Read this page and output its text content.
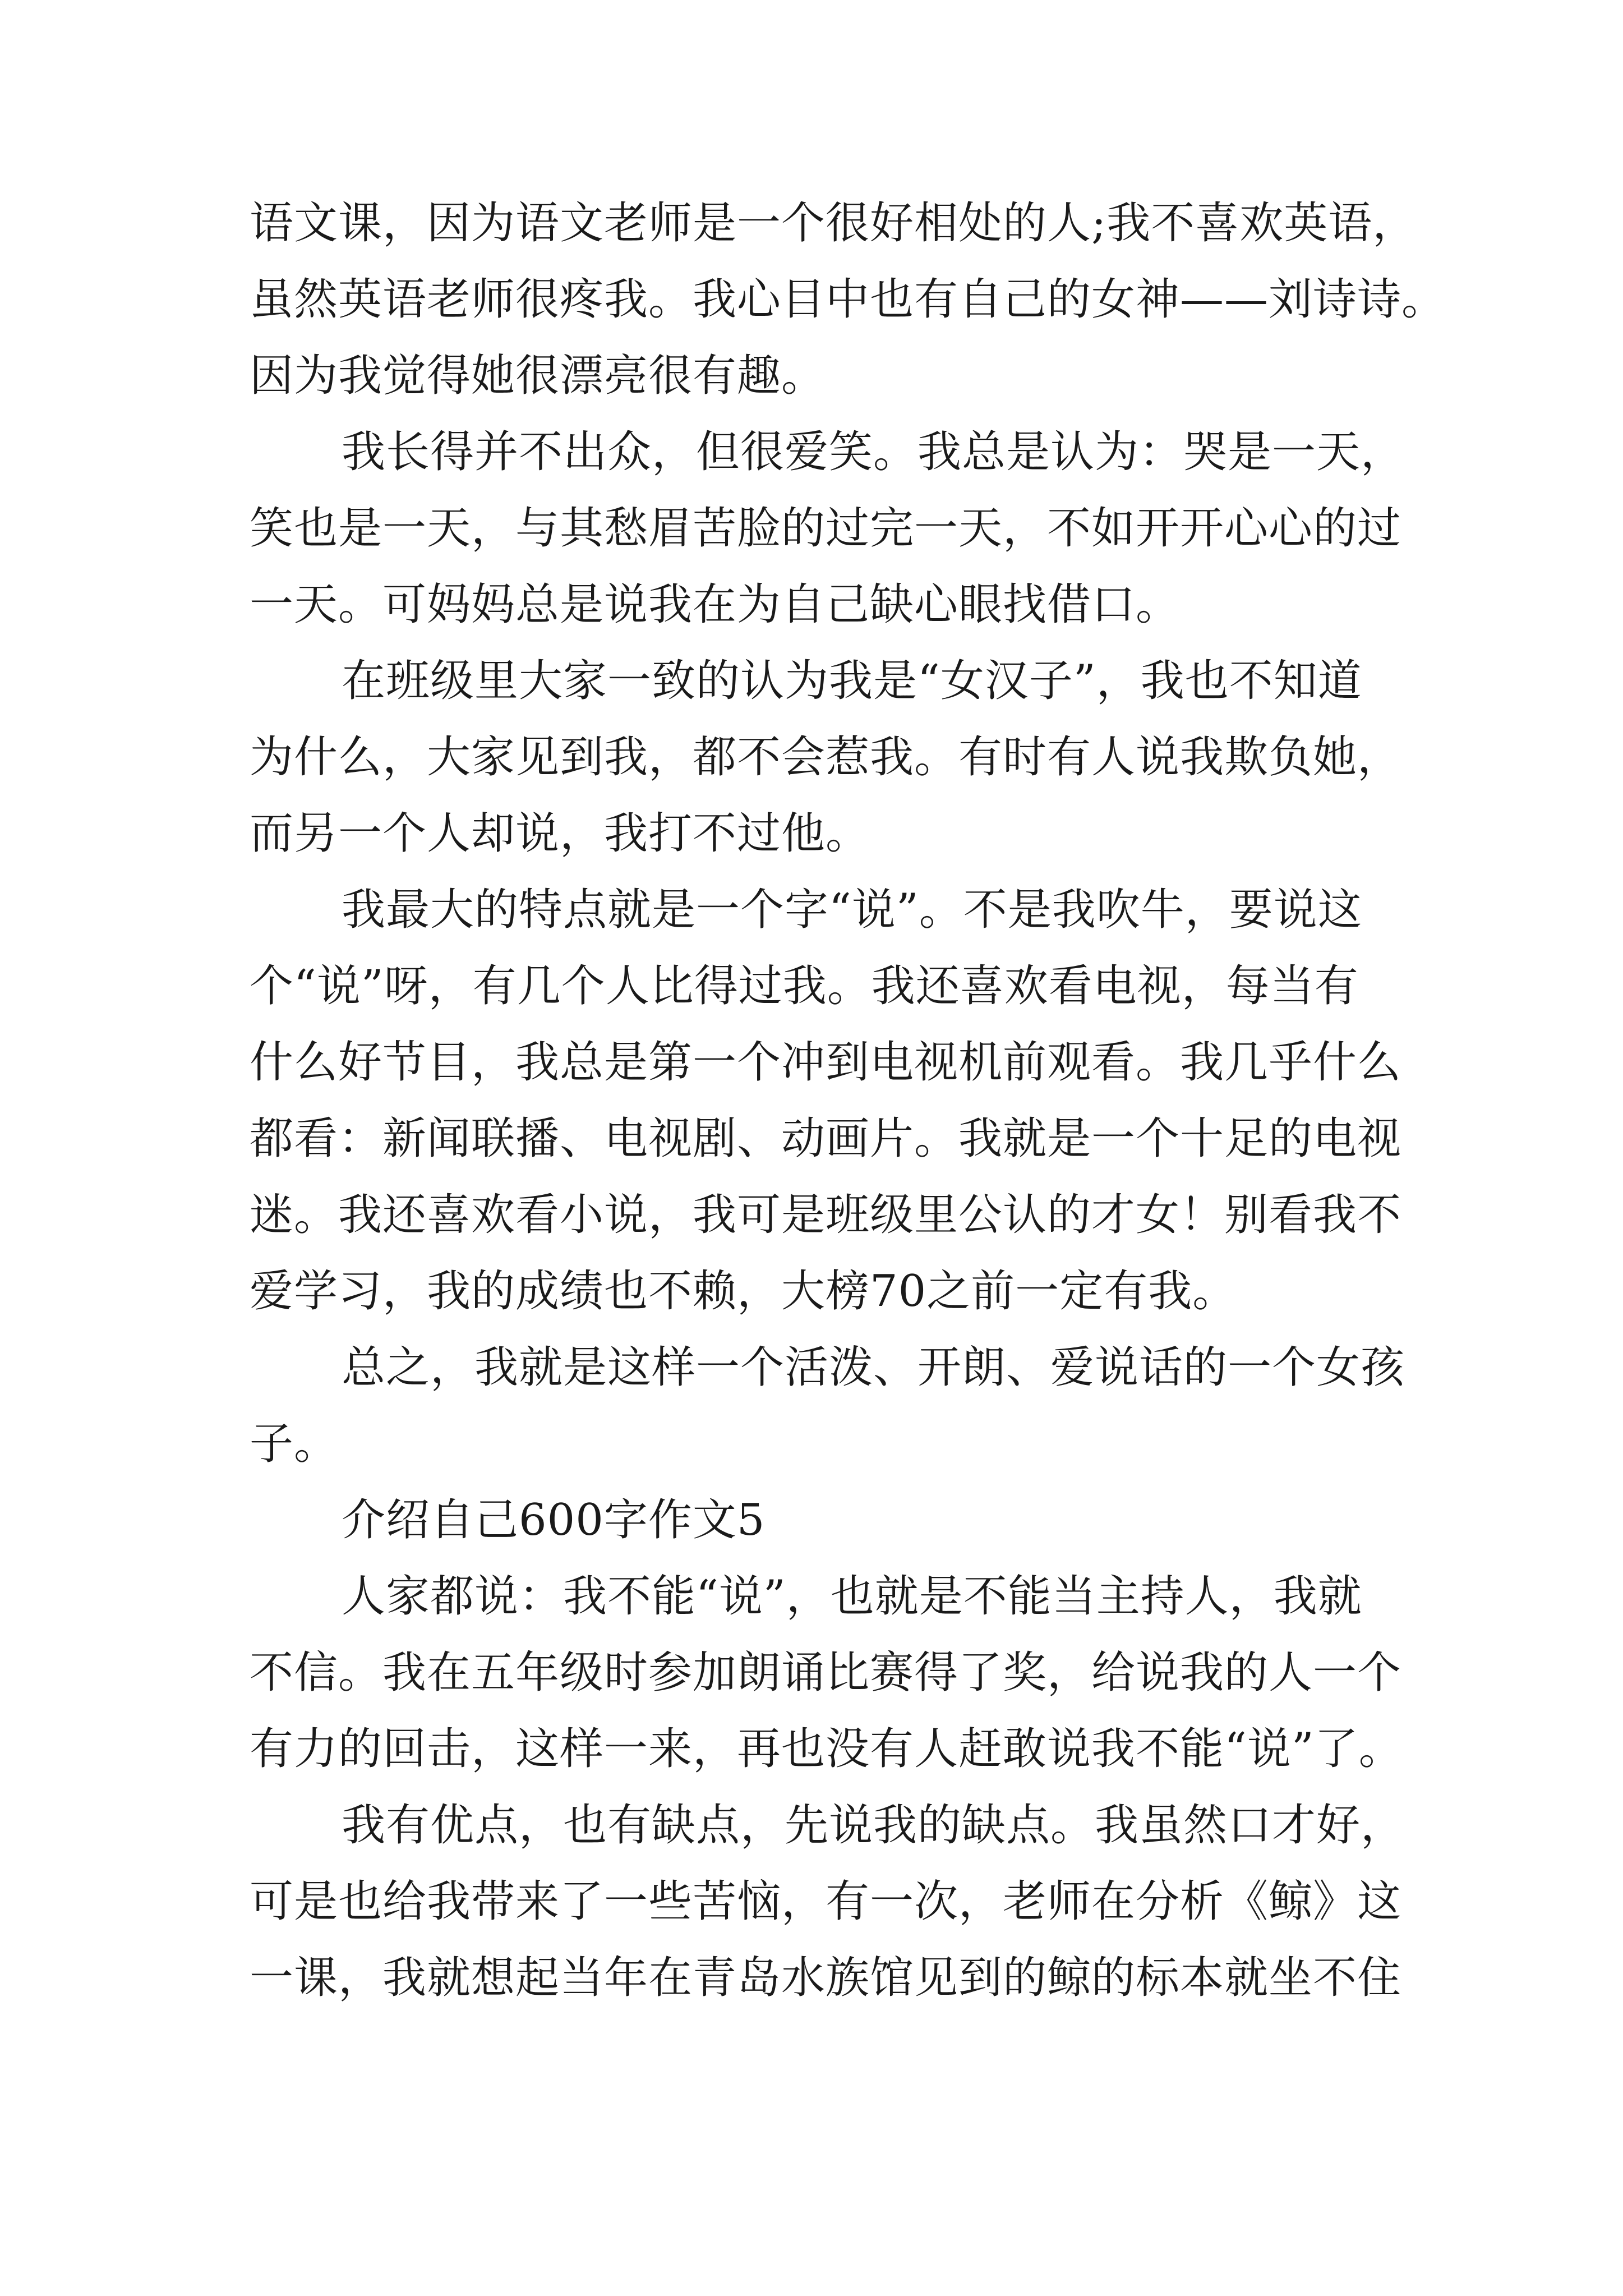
语文课，因为语文老师是一个很好相处的人;我不喜欢英语，
虽然英语老师很疼我。我心目中也有自己的女神——刘诗诗。
因为我觉得她很漂亮很有趣。
我长得并不出众，但很爱笑。我总是认为：哭是一天，
笑也是一天，与其愁眉苦脸的过完一天，不如开开心心的过
一天。可妈妈总是说我在为自己缺心眼找借口。
在班级里大家一致的认为我是“女汉子”，我也不知道
为什么，大家见到我，都不会惹我。有时有人说我欺负她，
而另一个人却说，我打不过他。
我最大的特点就是一个字“说”。不是我吹牛，要说这
个“说”呀，有几个人比得过我。我还喜欢看电视，每当有
什么好节目，我总是第一个冲到电视机前观看。我几乎什么
都看：新闻联播、电视剧、动画片。我就是一个十足的电视
迷。我还喜欢看小说，我可是班级里公认的才女！别看我不
爱学习，我的成绩也不赖，大榜70之前一定有我。
总之，我就是这样一个活泼、开朗、爱说话的一个女孩
子。
介绍自己600字作文5
人家都说：我不能“说”，也就是不能当主持人，我就
不信。我在五年级时参加朗诵比赛得了奖，给说我的人一个
有力的回击，这样一来，再也没有人赶敢说我不能“说”了。
我有优点，也有缺点，先说我的缺点。我虽然口才好，
可是也给我带来了一些苦恼，有一次，老师在分析《鲸》这
一课，我就想起当年在青岛水族馆见到的鲸的标本就坐不住
